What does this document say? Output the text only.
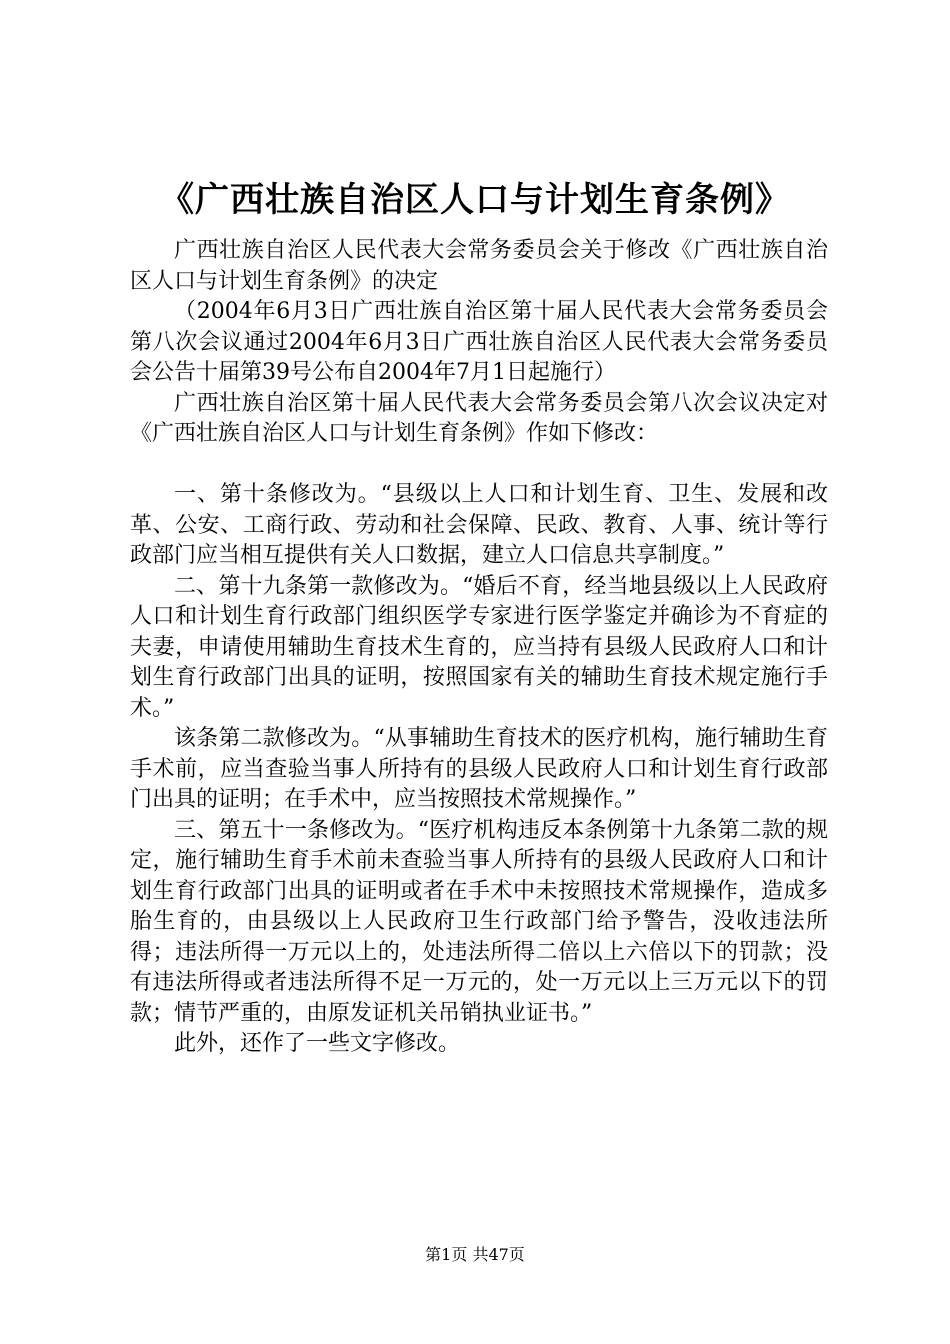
《广西壮族自治区人口与计划生育条例》

广西壮族自治区人民代表大会常务委员会关于修改《广西壮族自治区人口与计划生育条例》的决定

（2004年6月3日广西壮族自治区第十届人民代表大会常务委员会第八次会议通过2004年6月3日广西壮族自治区人民代表大会常务委员会公告十届第39号公布自2004年7月1日起施行）

广西壮族自治区第十届人民代表大会常务委员会第八次会议决定对《广西壮族自治区人口与计划生育条例》作如下修改：

一、第十条修改为。“县级以上人口和计划生育、卫生、发展和改革、公安、工商行政、劳动和社会保障、民政、教育、人事、统计等行政部门应当相互提供有关人口数据，建立人口信息共享制度。”

二、第十九条第一款修改为。“婚后不育，经当地县级以上人民政府人口和计划生育行政部门组织医学专家进行医学鉴定并确诊为不育症的夫妻，申请使用辅助生育技术生育的，应当持有县级人民政府人口和计划生育行政部门出具的证明，按照国家有关的辅助生育技术规定施行手术。”

该条第二款修改为。“从事辅助生育技术的医疗机构，施行辅助生育手术前，应当查验当事人所持有的县级人民政府人口和计划生育行政部门出具的证明；在手术中，应当按照技术常规操作。”

三、第五十一条修改为。“医疗机构违反本条例第十九条第二款的规定，施行辅助生育手术前未查验当事人所持有的县级人民政府人口和计划生育行政部门出具的证明或者在手术中未按照技术常规操作，造成多胎生育的，由县级以上人民政府卫生行政部门给予警告，没收违法所得；违法所得一万元以上的，处违法所得二倍以上六倍以下的罚款；没有违法所得或者违法所得不足一万元的，处一万元以上三万元以下的罚款；情节严重的，由原发证机关吊销执业证书。”

此外，还作了一些文字修改。

第1页 共47页
